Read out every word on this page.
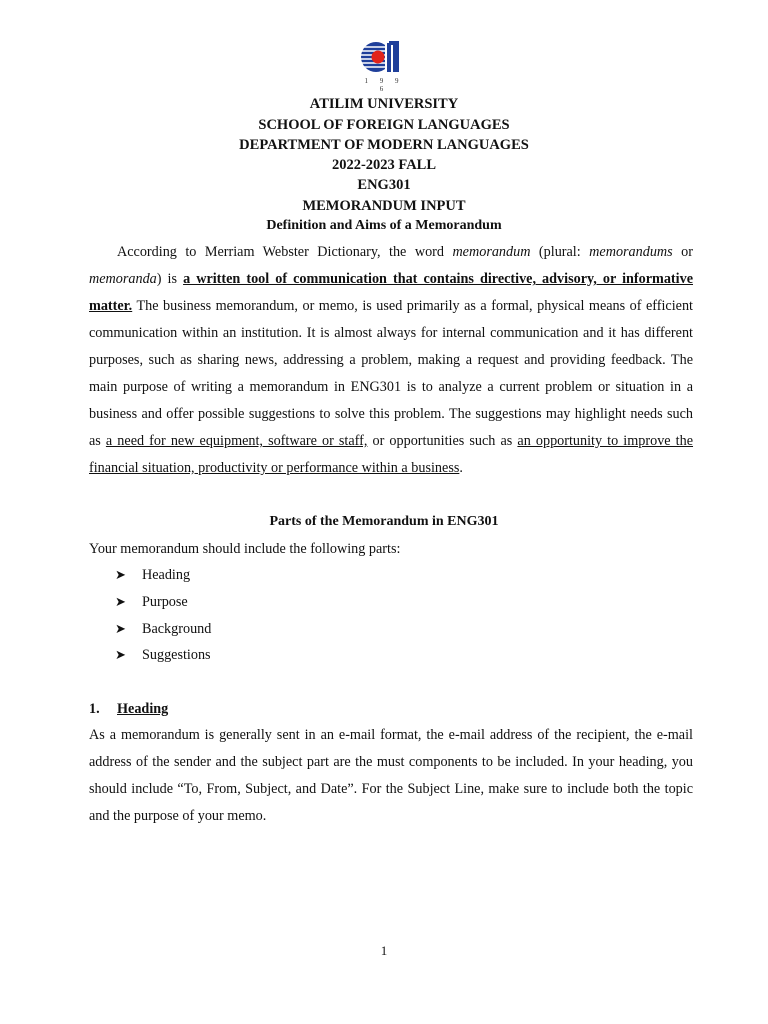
1 9 9 6
ATILIM UNIVERSITY
SCHOOL OF FOREIGN LANGUAGES
DEPARTMENT OF MODERN LANGUAGES
2022-2023 FALL
ENG301
MEMORANDUM INPUT
Definition and Aims of a Memorandum
According to Merriam Webster Dictionary, the word memorandum (plural: memorandums or memoranda) is a written tool of communication that contains directive, advisory, or informative matter. The business memorandum, or memo, is used primarily as a formal, physical means of efficient communication within an institution. It is almost always for internal communication and it has different purposes, such as sharing news, addressing a problem, making a request and providing feedback. The main purpose of writing a memorandum in ENG301 is to analyze a current problem or situation in a business and offer possible suggestions to solve this problem. The suggestions may highlight needs such as a need for new equipment, software or staff, or opportunities such as an opportunity to improve the financial situation, productivity or performance within a business.
Parts of the Memorandum in ENG301
Your memorandum should include the following parts:
➤	Heading
➤	Purpose
➤	Background
➤	Suggestions
1. Heading
As a memorandum is generally sent in an e-mail format, the e-mail address of the recipient, the e-mail address of the sender and the subject part are the must components to be included. In your heading, you should include “To, From, Subject, and Date”. For the Subject Line, make sure to include both the topic and the purpose of your memo.
1
